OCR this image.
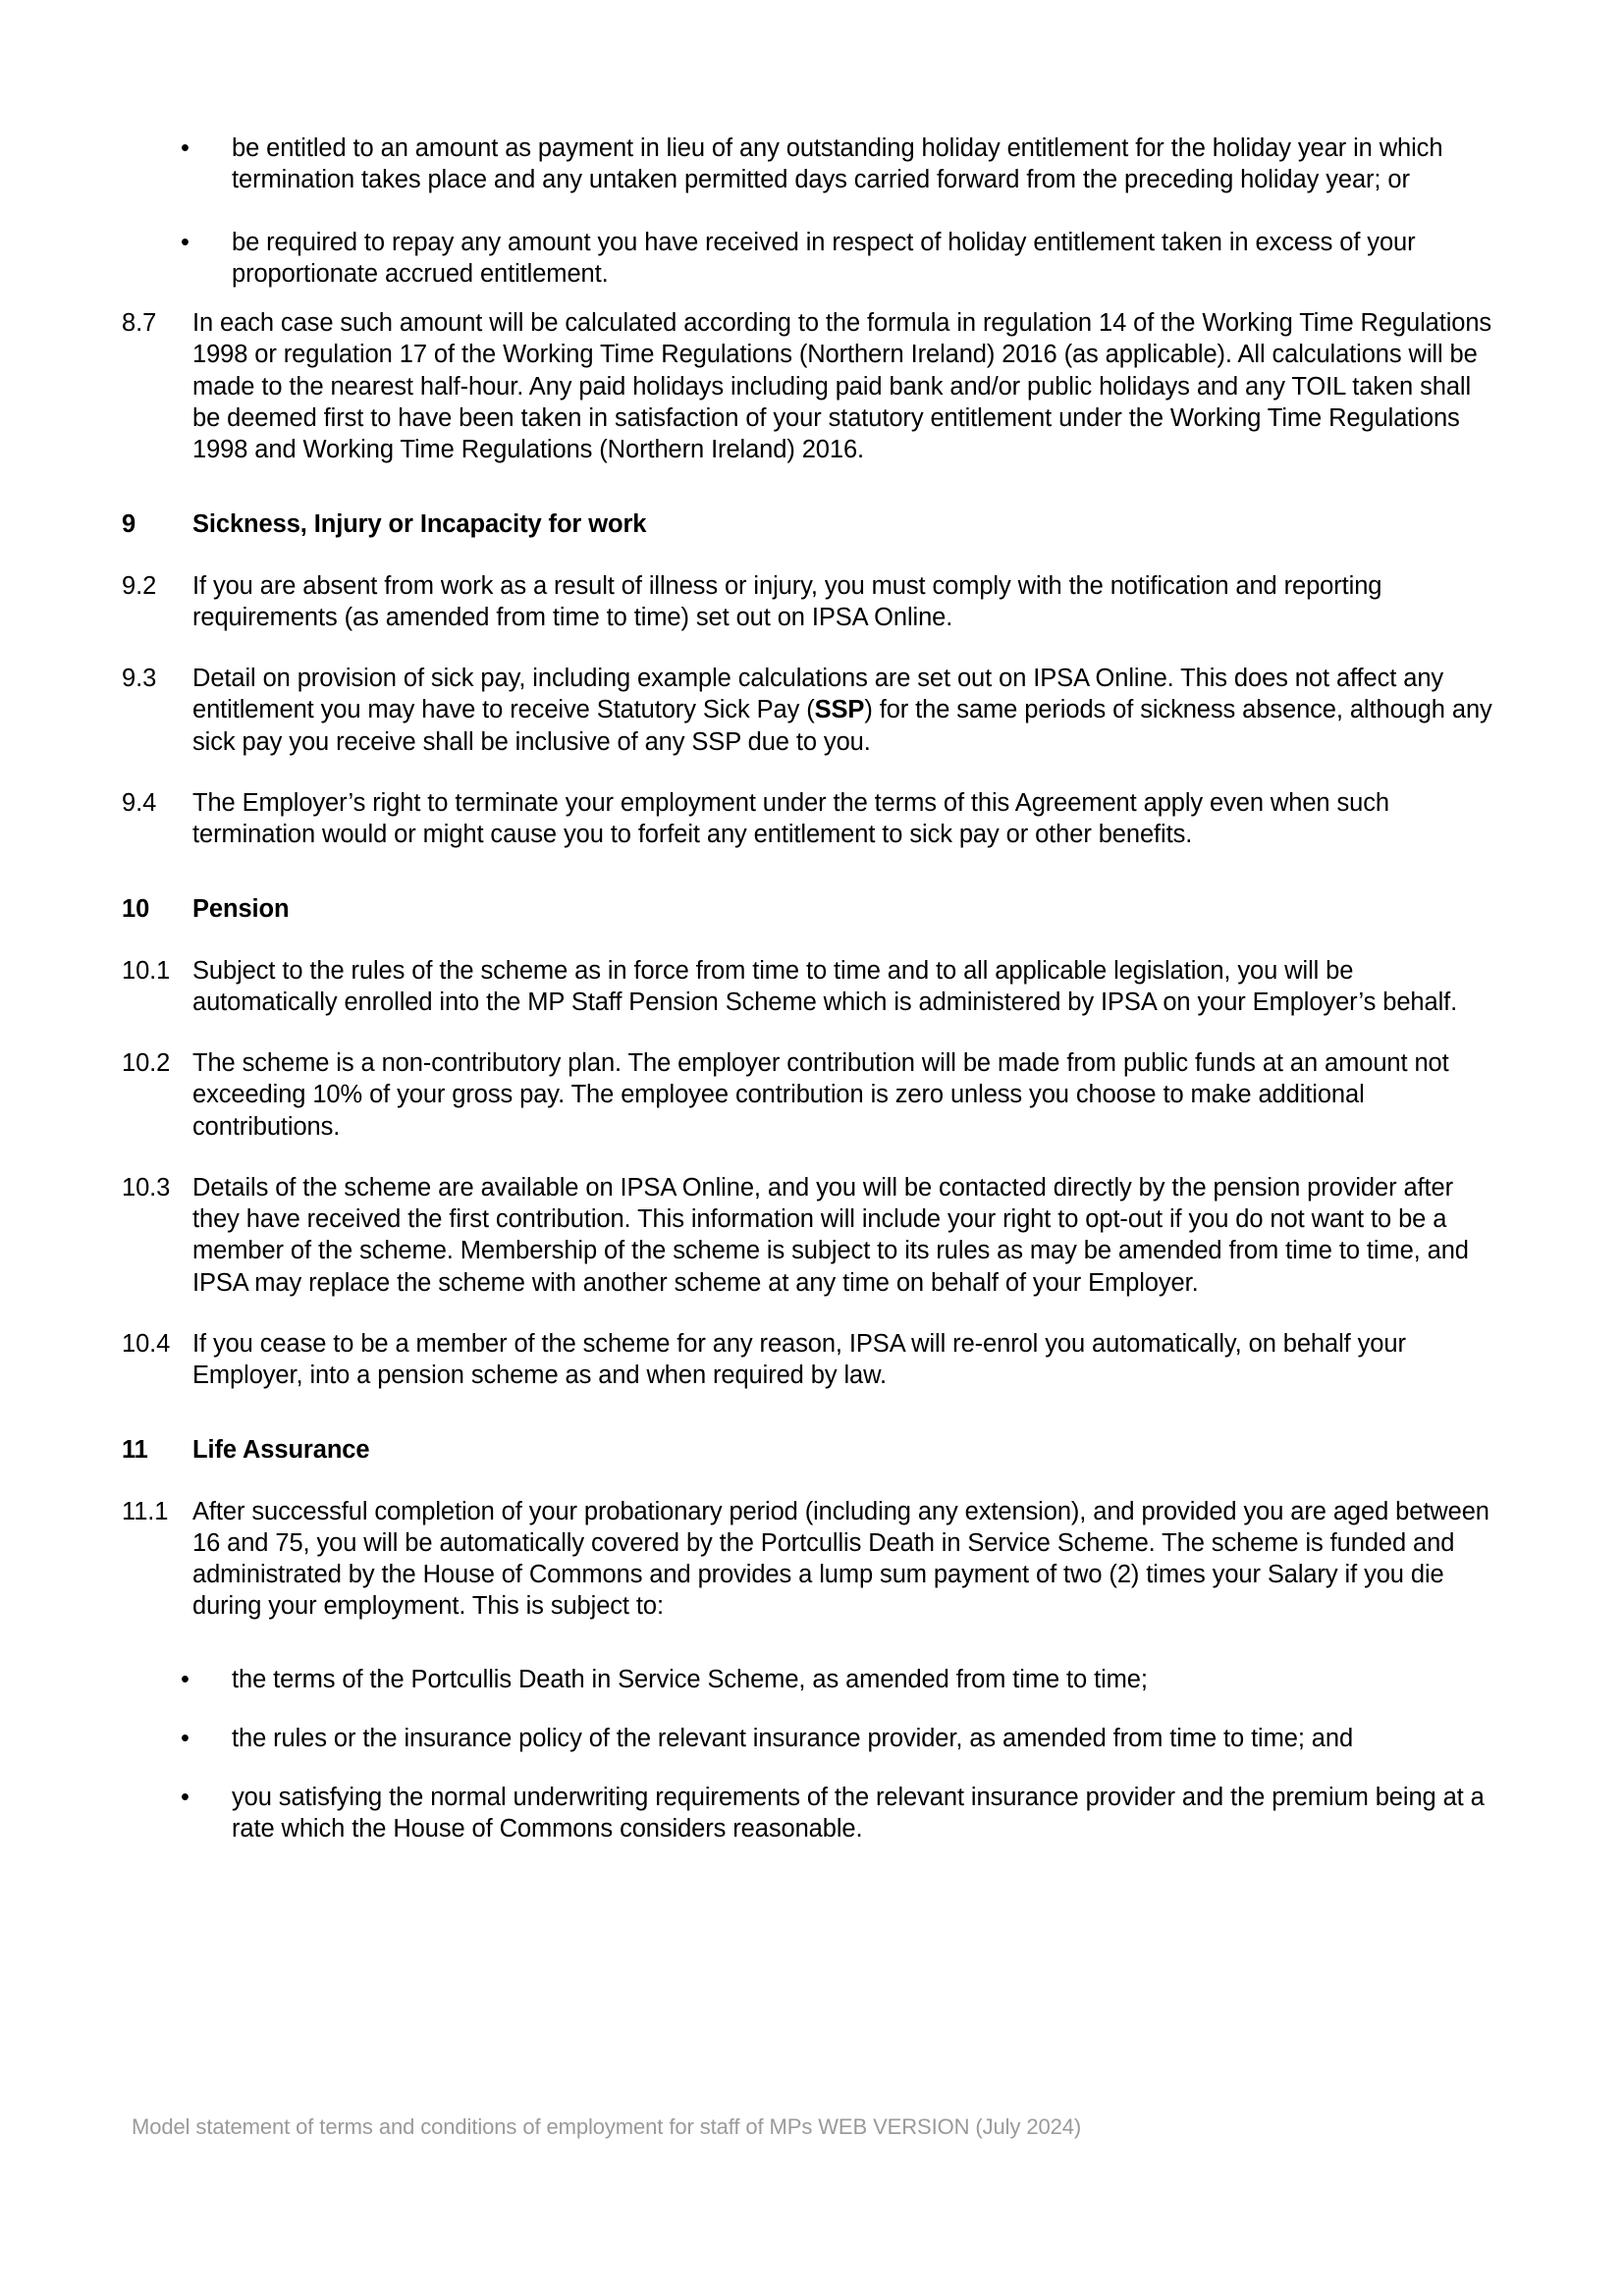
•	be entitled to an amount as payment in lieu of any outstanding holiday entitlement for the holiday year in which termination takes place and any untaken permitted days carried forward from the preceding holiday year; or
•	be required to repay any amount you have received in respect of holiday entitlement taken in excess of your proportionate accrued entitlement.
8.7	In each case such amount will be calculated according to the formula in regulation 14 of the Working Time Regulations 1998 or regulation 17 of the Working Time Regulations (Northern Ireland) 2016 (as applicable). All calculations will be made to the nearest half-hour. Any paid holidays including paid bank and/or public holidays and any TOIL taken shall be deemed first to have been taken in satisfaction of your statutory entitlement under the Working Time Regulations 1998 and Working Time Regulations (Northern Ireland) 2016.
9	Sickness, Injury or Incapacity for work
9.2	If you are absent from work as a result of illness or injury, you must comply with the notification and reporting requirements (as amended from time to time) set out on IPSA Online.
9.3	Detail on provision of sick pay, including example calculations are set out on IPSA Online. This does not affect any entitlement you may have to receive Statutory Sick Pay (SSP) for the same periods of sickness absence, although any sick pay you receive shall be inclusive of any SSP due to you.
9.4	The Employer’s right to terminate your employment under the terms of this Agreement apply even when such termination would or might cause you to forfeit any entitlement to sick pay or other benefits.
10	Pension
10.1 Subject to the rules of the scheme as in force from time to time and to all applicable legislation, you will be automatically enrolled into the MP Staff Pension Scheme which is administered by IPSA on your Employer’s behalf.
10.2 The scheme is a non-contributory plan. The employer contribution will be made from public funds at an amount not exceeding 10% of your gross pay. The employee contribution is zero unless you choose to make additional contributions.
10.3 Details of the scheme are available on IPSA Online, and you will be contacted directly by the pension provider after they have received the first contribution. This information will include your right to opt-out if you do not want to be a member of the scheme. Membership of the scheme is subject to its rules as may be amended from time to time, and IPSA may replace the scheme with another scheme at any time on behalf of your Employer.
10.4 If you cease to be a member of the scheme for any reason, IPSA will re-enrol you automatically, on behalf your Employer, into a pension scheme as and when required by law.
11	Life Assurance
11.1 After successful completion of your probationary period (including any extension), and provided you are aged between 16 and 75, you will be automatically covered by the Portcullis Death in Service Scheme. The scheme is funded and administrated by the House of Commons and provides a lump sum payment of two (2) times your Salary if you die during your employment. This is subject to:
•	the terms of the Portcullis Death in Service Scheme, as amended from time to time;
•	the rules or the insurance policy of the relevant insurance provider, as amended from time to time; and
•	you satisfying the normal underwriting requirements of the relevant insurance provider and the premium being at a rate which the House of Commons considers reasonable.
Model statement of terms and conditions of employment for staff of MPs WEB VERSION (July 2024)
